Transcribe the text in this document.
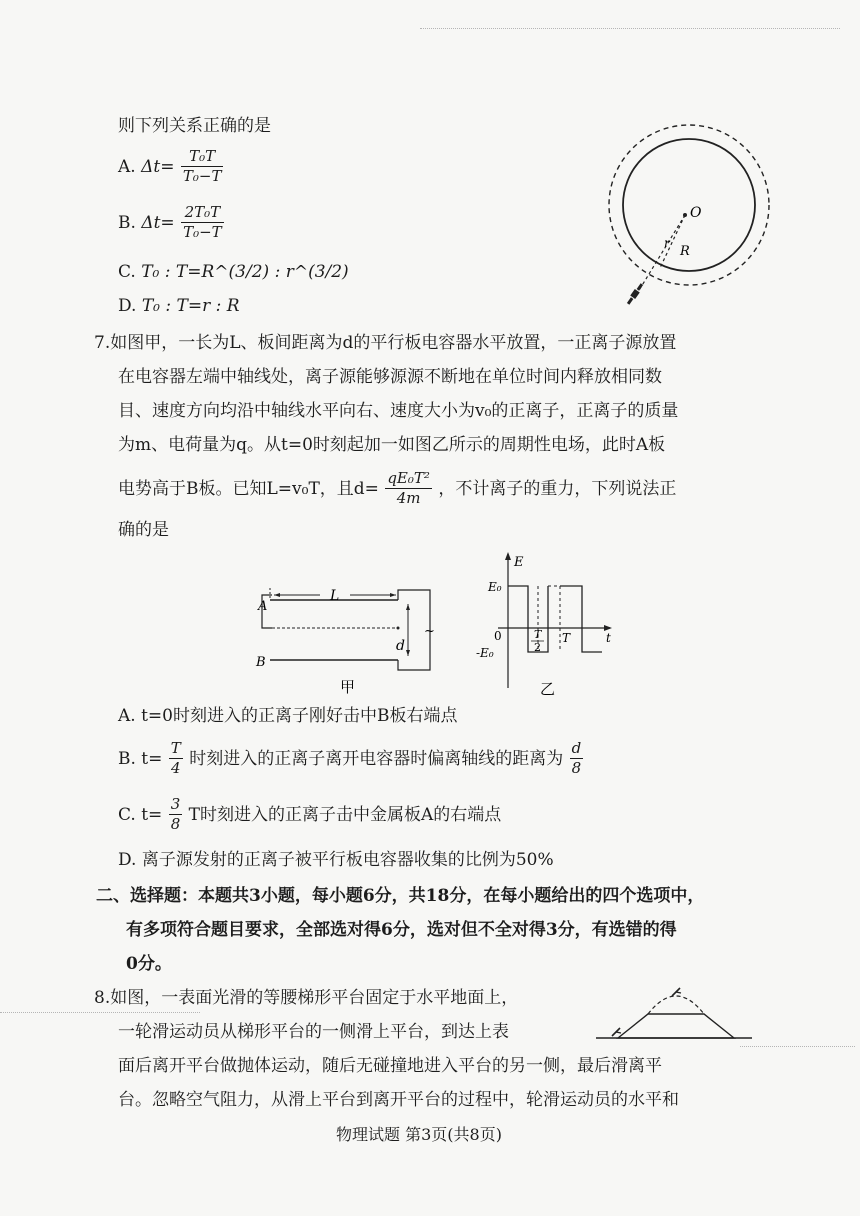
则下列关系正确的是
A. $\Delta t= \frac{\text{T₀T}}{\text{T₀−T}}$
B. $\Delta t= \frac{\text{2T₀T}}{\text{T₀−T}}$
C. T₀ : T=R^(3/2) : r^(3/2)
D. T₀ : T=r : R
O
r
R
7.如图甲，一长为L、板间距离为d的平行板电容器水平放置，一正离子源放置
在电容器左端中轴线处，离子源能够源源不断地在单位时间内释放相同数
目、速度方向均沿中轴线水平向右、速度大小为v₀的正离子，正离子的质量
为m、电荷量为q。从t=0时刻起加一如图乙所示的周期性电场，此时A板
电势高于B板。已知L=v₀T，且$d= \frac{\text{qE₀T²}}{4m}$ ，不计离子的重力，下列说法正
确的是
~
L
d
A
B
甲
E
E₀
-E₀
0	T
2
T	t
乙
A. t=0时刻进入的正离子刚好击中B板右端点
B. $t= \frac{T}{4}$ 时刻进入的正离子离开电容器时偏离轴线的距离为 $\frac{d}{8}$
C. $t= \frac{3}{8}$ T时刻进入的正离子击中金属板A的右端点
D. 离子源发射的正离子被平行板电容器收集的比例为50%
二、选择题：本题共3小题，每小题6分，共18分，在每小题给出的四个选项中，
有多项符合题目要求，全部选对得6分，选对但不全对得3分，有选错的得
0分。
8.如图，一表面光滑的等腰梯形平台固定于水平地面上，
一轮滑运动员从梯形平台的一侧滑上平台，到达上表
面后离开平台做抛体运动，随后无碰撞地进入平台的另一侧，最后滑离平
台。忽略空气阻力，从滑上平台到离开平台的过程中，轮滑运动员的水平和
物理试题 第3页(共8页)
